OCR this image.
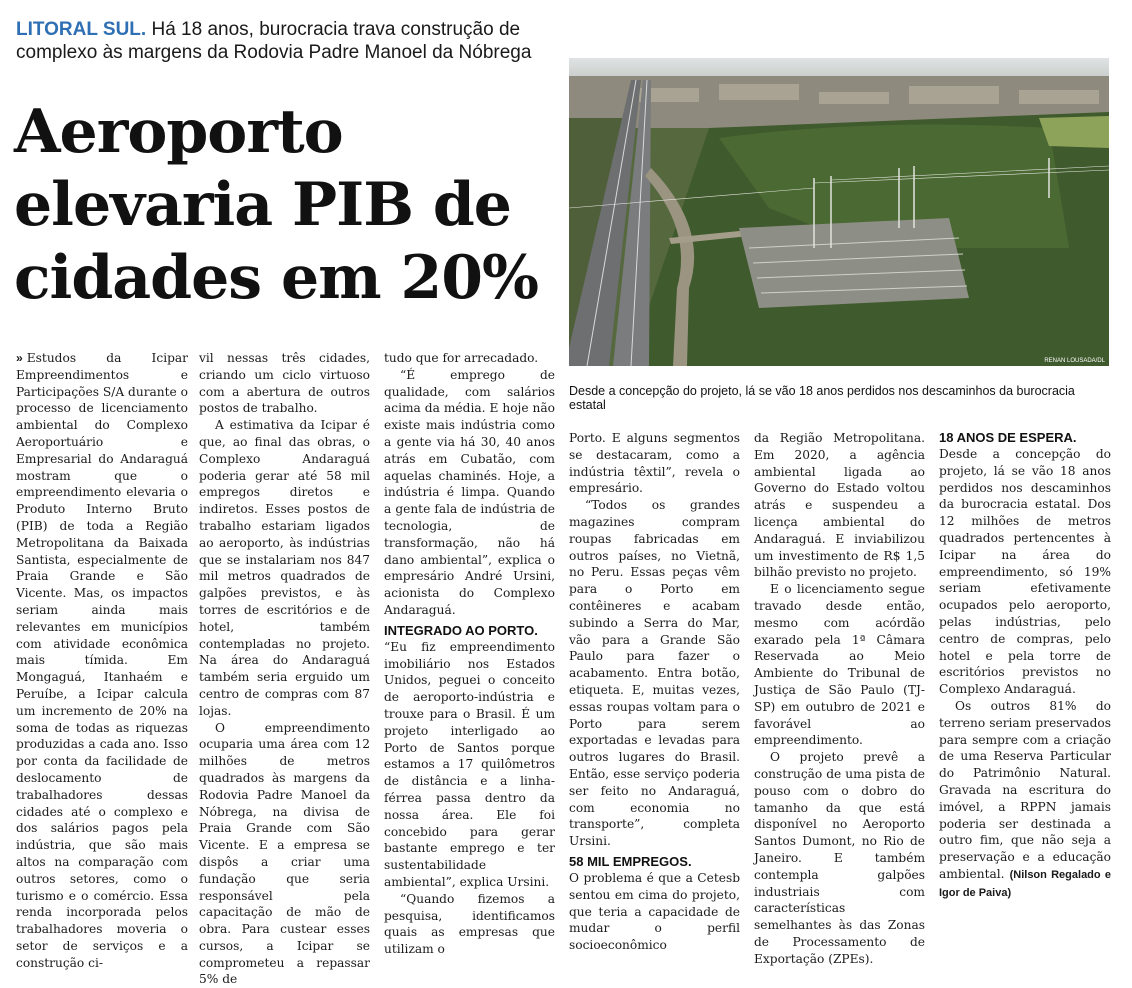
LITORAL SUL. Há 18 anos, burocracia trava construção de complexo às margens da Rodovia Padre Manoel da Nóbrega
Aeroporto elevaria PIB de cidades em 20%
RENAN LOUSADA/DL
Desde a concepção do projeto, lá se vão 18 anos perdidos nos descaminhos da burocracia estatal

» Estudos da Icipar Empreendimentos e Participações S/A durante o processo de licenciamento ambiental do Complexo Aeroportuário e Empresarial do Andaraguá mostram que o empreendimento elevaria o Produto Interno Bruto (PIB) de toda a Região Metropolitana da Baixada Santista, especialmente de Praia Grande e São Vicente. Mas, os impactos seriam ainda mais relevantes em municípios com atividade econômica mais tímida. Em Mongaguá, Itanhaém e Peruíbe, a Icipar calcula um incremento de 20% na soma de todas as riquezas produzidas a cada ano. Isso por conta da facilidade de deslocamento de trabalhadores dessas cidades até o complexo e dos salários pagos pela indústria, que são mais altos na comparação com outros setores, como o turismo e o comércio. Essa renda incorporada pelos trabalhadores moveria o setor de serviços e a construção ci-

vil nessas três cidades, criando um ciclo virtuoso com a abertura de outros postos de trabalho.

A estimativa da Icipar é que, ao final das obras, o Complexo Andaraguá poderia gerar até 58 mil empregos diretos e indiretos. Esses postos de trabalho estariam ligados ao aeroporto, às indústrias que se instalariam nos 847 mil metros quadrados de galpões previstos, e às torres de escritórios e de hotel, também contempladas no projeto. Na área do Andaraguá também seria erguido um centro de compras com 87 lojas.

O empreendimento ocuparia uma área com 12 milhões de metros quadrados às margens da Rodovia Padre Manoel da Nóbrega, na divisa de Praia Grande com São Vicente. E a empresa se dispôs a criar uma fundação que seria responsável pela capacitação de mão de obra. Para custear esses cursos, a Icipar se comprometeu a repassar 5% de

tudo que for arrecadado.

“É emprego de qualidade, com salários acima da média. E hoje não existe mais indústria como a gente via há 30, 40 anos atrás em Cubatão, com aquelas chaminés. Hoje, a indústria é limpa. Quando a gente fala de indústria de tecnologia, de transformação, não há dano ambiental”, explica o empresário André Ursini, acionista do Complexo Andaraguá.

INTEGRADO AO PORTO.

“Eu fiz empreendimento imobiliário nos Estados Unidos, peguei o conceito de aeroporto-indústria e trouxe para o Brasil. É um projeto interligado ao Porto de Santos porque estamos a 17 quilômetros de distância e a linha-férrea passa dentro da nossa área. Ele foi concebido para gerar bastante emprego e ter sustentabilidade ambiental”, explica Ursini.

“Quando fizemos a pesquisa, identificamos quais as empresas que utilizam o

Porto. E alguns segmentos se destacaram, como a indústria têxtil”, revela o empresário.

“Todos os grandes magazines compram roupas fabricadas em outros países, no Vietnã, no Peru. Essas peças vêm para o Porto em contêineres e acabam subindo a Serra do Mar, vão para a Grande São Paulo para fazer o acabamento. Entra botão, etiqueta. E, muitas vezes, essas roupas voltam para o Porto para serem exportadas e levadas para outros lugares do Brasil. Então, esse serviço poderia ser feito no Andaraguá, com economia no transporte”, completa Ursini.

58 MIL EMPREGOS.

O problema é que a Cetesb sentou em cima do projeto, que teria a capacidade de mudar o perfil socioeconômico

da Região Metropolitana. Em 2020, a agência ambiental ligada ao Governo do Estado voltou atrás e suspendeu a licença ambiental do Andaraguá. E inviabilizou um investimento de R$ 1,5 bilhão previsto no projeto.

E o licenciamento segue travado desde então, mesmo com acórdão exarado pela 1ª Câmara Reservada ao Meio Ambiente do Tribunal de Justiça de São Paulo (TJ-SP) em outubro de 2021 e favorável ao empreendimento.

O projeto prevê a construção de uma pista de pouso com o dobro do tamanho da que está disponível no Aeroporto Santos Dumont, no Rio de Janeiro. E também contempla galpões industriais com características semelhantes às das Zonas de Processamento de Exportação (ZPEs).

18 ANOS DE ESPERA.

Desde a concepção do projeto, lá se vão 18 anos perdidos nos descaminhos da burocracia estatal. Dos 12 milhões de metros quadrados pertencentes à Icipar na área do empreendimento, só 19% seriam efetivamente ocupados pelo aeroporto, pelas indústrias, pelo centro de compras, pelo hotel e pela torre de escritórios previstos no Complexo Andaraguá.

Os outros 81% do terreno seriam preservados para sempre com a criação de uma Reserva Particular do Patrimônio Natural. Gravada na escritura do imóvel, a RPPN jamais poderia ser destinada a outro fim, que não seja a preservação e a educação ambiental. (Nilson Regalado e Igor de Paiva)
